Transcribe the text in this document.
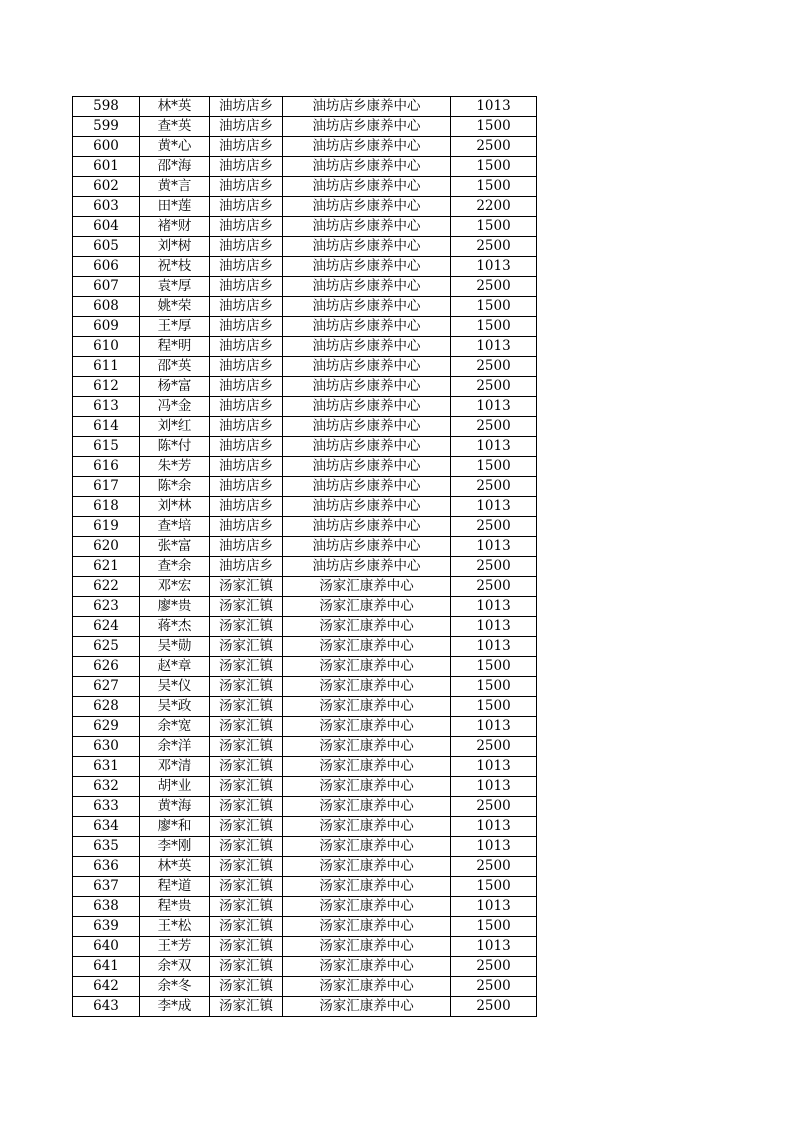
598	林*英	油坊店乡	油坊店乡康养中心	1013
599	查*英	油坊店乡	油坊店乡康养中心	1500
600	黄*心	油坊店乡	油坊店乡康养中心	2500
601	邵*海	油坊店乡	油坊店乡康养中心	1500
602	黄*言	油坊店乡	油坊店乡康养中心	1500
603	田*莲	油坊店乡	油坊店乡康养中心	2200
604	褚*财	油坊店乡	油坊店乡康养中心	1500
605	刘*树	油坊店乡	油坊店乡康养中心	2500
606	祝*枝	油坊店乡	油坊店乡康养中心	1013
607	袁*厚	油坊店乡	油坊店乡康养中心	2500
608	姚*荣	油坊店乡	油坊店乡康养中心	1500
609	王*厚	油坊店乡	油坊店乡康养中心	1500
610	程*明	油坊店乡	油坊店乡康养中心	1013
611	邵*英	油坊店乡	油坊店乡康养中心	2500
612	杨*富	油坊店乡	油坊店乡康养中心	2500
613	冯*金	油坊店乡	油坊店乡康养中心	1013
614	刘*红	油坊店乡	油坊店乡康养中心	2500
615	陈*付	油坊店乡	油坊店乡康养中心	1013
616	朱*芳	油坊店乡	油坊店乡康养中心	1500
617	陈*余	油坊店乡	油坊店乡康养中心	2500
618	刘*林	油坊店乡	油坊店乡康养中心	1013
619	查*培	油坊店乡	油坊店乡康养中心	2500
620	张*富	油坊店乡	油坊店乡康养中心	1013
621	查*余	油坊店乡	油坊店乡康养中心	2500
622	邓*宏	汤家汇镇	汤家汇康养中心	2500
623	廖*贵	汤家汇镇	汤家汇康养中心	1013
624	蒋*杰	汤家汇镇	汤家汇康养中心	1013
625	吴*勋	汤家汇镇	汤家汇康养中心	1013
626	赵*章	汤家汇镇	汤家汇康养中心	1500
627	吴*仪	汤家汇镇	汤家汇康养中心	1500
628	吴*政	汤家汇镇	汤家汇康养中心	1500
629	余*宽	汤家汇镇	汤家汇康养中心	1013
630	余*洋	汤家汇镇	汤家汇康养中心	2500
631	邓*清	汤家汇镇	汤家汇康养中心	1013
632	胡*业	汤家汇镇	汤家汇康养中心	1013
633	黄*海	汤家汇镇	汤家汇康养中心	2500
634	廖*和	汤家汇镇	汤家汇康养中心	1013
635	李*刚	汤家汇镇	汤家汇康养中心	1013
636	林*英	汤家汇镇	汤家汇康养中心	2500
637	程*道	汤家汇镇	汤家汇康养中心	1500
638	程*贵	汤家汇镇	汤家汇康养中心	1013
639	王*松	汤家汇镇	汤家汇康养中心	1500
640	王*芳	汤家汇镇	汤家汇康养中心	1013
641	余*双	汤家汇镇	汤家汇康养中心	2500
642	余*冬	汤家汇镇	汤家汇康养中心	2500
643	李*成	汤家汇镇	汤家汇康养中心	2500
